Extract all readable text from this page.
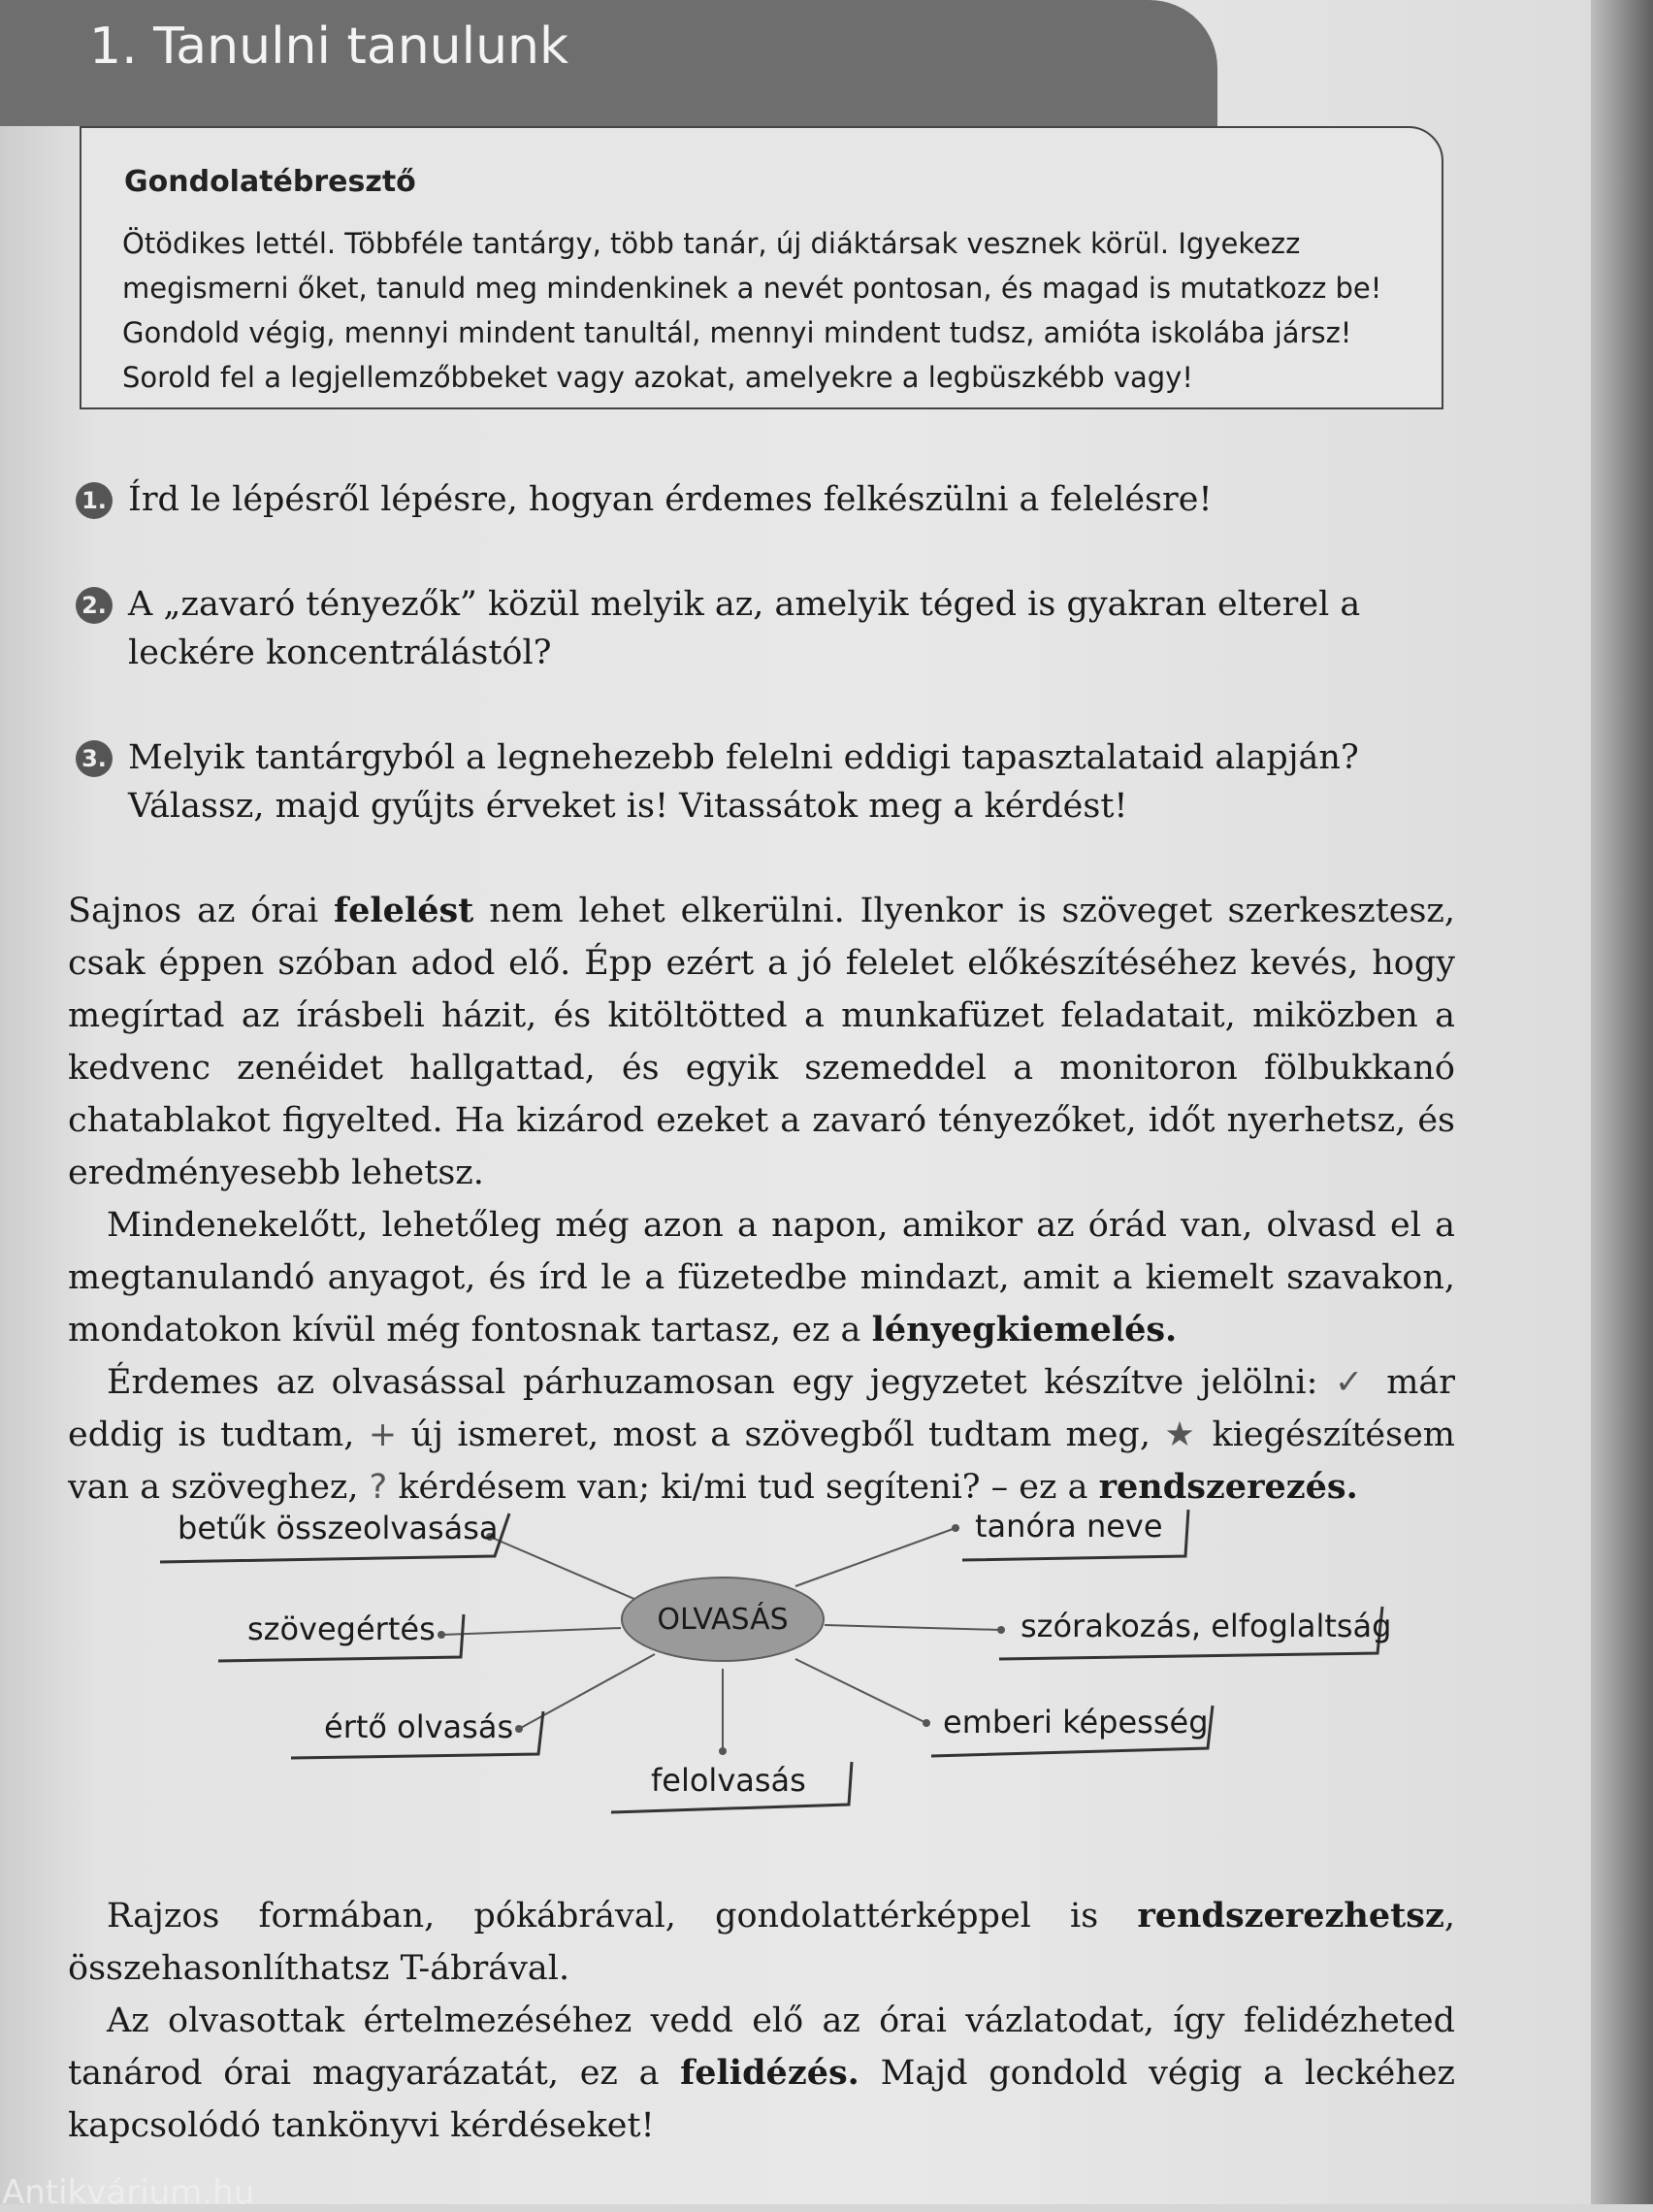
1. Tanulni tanulunk
Gondolatébresztő
Ötödikes lettél. Többféle tantárgy, több tanár, új diáktársak vesznek körül. Igyekezz megismerni őket, tanuld meg mindenkinek a nevét pontosan, és magad is mutatkozz be! Gondold végig, mennyi mindent tanultál, mennyi mindent tudsz, amióta iskolába jársz! Sorold fel a legjellemzőbbeket vagy azokat, amelyekre a legbüszkébb vagy!
1. Írd le lépésről lépésre, hogyan érdemes felkészülni a felelésre!
2. A „zavaró tényezők” közül melyik az, amelyik téged is gyakran elterel a leckére koncentrálástól?
3. Melyik tantárgyból a legnehezebb felelni eddigi tapasztalataid alapján? Válassz, majd gyűjts érveket is! Vitassátok meg a kérdést!

Sajnos az órai felelést nem lehet elkerülni. Ilyenkor is szöveget szerkesztesz, csak éppen szóban adod elő. Épp ezért a jó felelet előkészítéséhez kevés, hogy megírtad az írásbeli házit, és kitöltötted a munkafüzet feladatait, miközben a kedvenc zenéidet hallgattad, és egyik szemeddel a monitoron fölbukkanó chatablakot figyelted. Ha kizárod ezeket a zavaró tényezőket, időt nyerhetsz, és eredményesebb lehetsz.

Mindenekelőtt, lehetőleg még azon a napon, amikor az órád van, olvasd el a megtanulandó anyagot, és írd le a füzetedbe mindazt, amit a kiemelt szavakon, mondatokon kívül még fontosnak tartasz, ez a lényegkiemelés.

Érdemes az olvasással párhuzamosan egy jegyzetet készítve jelölni: ✓ már eddig is tudtam, + új ismeret, most a szövegből tudtam meg, ★ kiegészítésem van a szöveghez, ? kérdésem van; ki/mi tud segíteni? – ez a rendszerezés.

OLVASÁS
betűk összeolvasása
szövegértés
értő olvasás
felolvasás
tanóra neve
szórakozás, elfoglaltság
emberi képesség

Rajzos formában, pókábrával, gondolattérképpel is rendszerezhetsz, összehasonlíthatsz T-ábrával.

Az olvasottak értelmezéséhez vedd elő az órai vázlatodat, így felidézheted tanárod órai magyarázatát, ez a felidézés. Majd gondold végig a leckéhez kapcsolódó tankönyvi kérdéseket!

Antikvárium.hu
